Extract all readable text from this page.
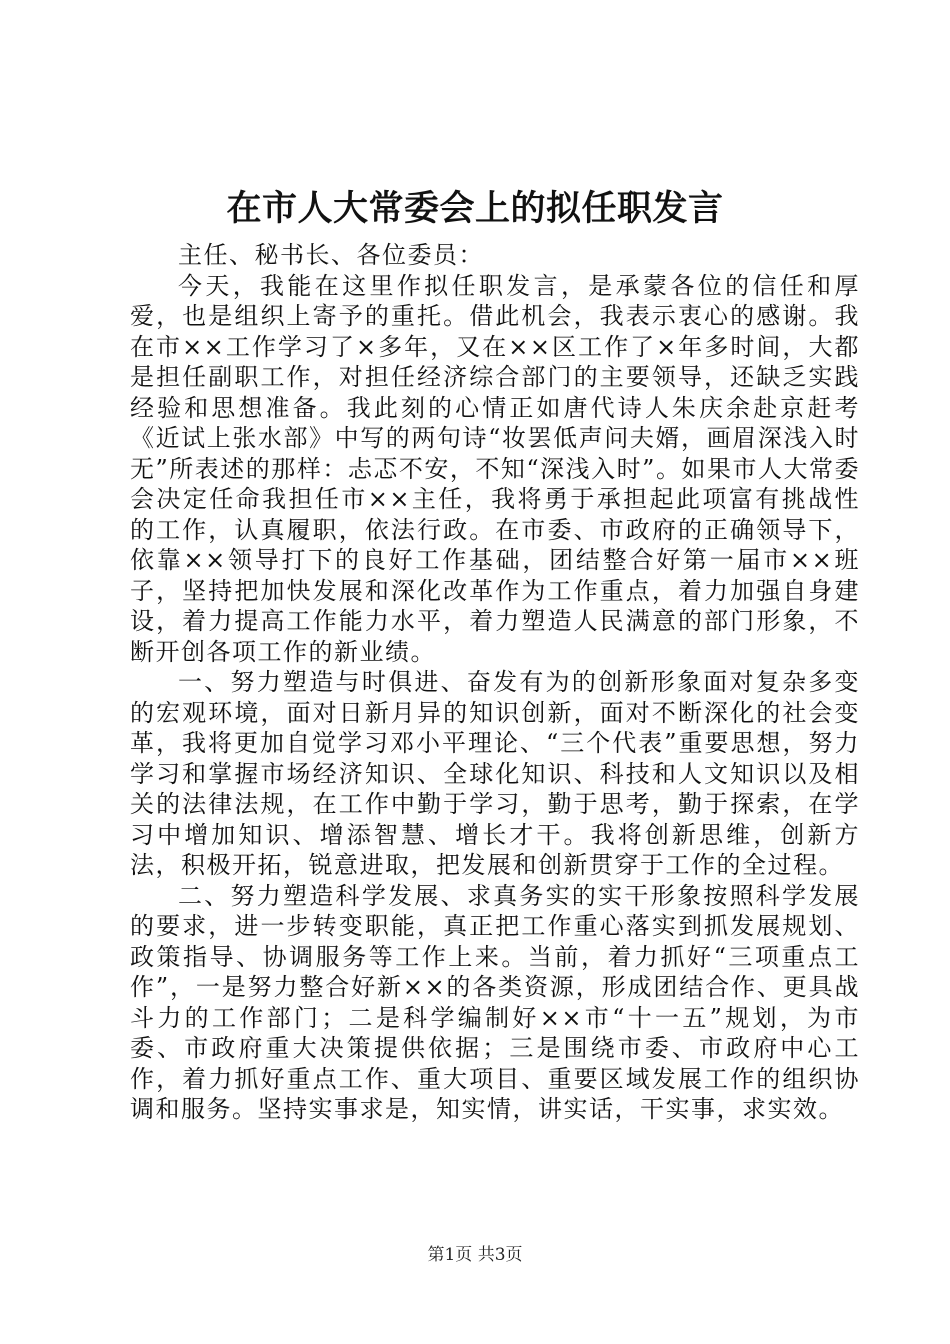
在市人大常委会上的拟任职发言

主任、秘书长、各位委员：

今天，我能在这里作拟任职发言，是承蒙各位的信任和厚爱，也是组织上寄予的重托。借此机会，我表示衷心的感谢。我在市××工作学习了×多年，又在××区工作了×年多时间，大都是担任副职工作，对担任经济综合部门的主要领导，还缺乏实践经验和思想准备。我此刻的心情正如唐代诗人朱庆余赴京赶考《近试上张水部》中写的两句诗“妆罢低声问夫婿，画眉深浅入时无”所表述的那样：忐忑不安，不知“深浅入时”。如果市人大常委会决定任命我担任市××主任，我将勇于承担起此项富有挑战性的工作，认真履职，依法行政。在市委、市政府的正确领导下，依靠××领导打下的良好工作基础，团结整合好第一届市××班子，坚持把加快发展和深化改革作为工作重点，着力加强自身建设，着力提高工作能力水平，着力塑造人民满意的部门形象，不断开创各项工作的新业绩。

一、努力塑造与时俱进、奋发有为的创新形象面对复杂多变的宏观环境，面对日新月异的知识创新，面对不断深化的社会变革，我将更加自觉学习邓小平理论、“三个代表”重要思想，努力学习和掌握市场经济知识、全球化知识、科技和人文知识以及相关的法律法规，在工作中勤于学习，勤于思考，勤于探索，在学习中增加知识、增添智慧、增长才干。我将创新思维，创新方法，积极开拓，锐意进取，把发展和创新贯穿于工作的全过程。

二、努力塑造科学发展、求真务实的实干形象按照科学发展的要求，进一步转变职能，真正把工作重心落实到抓发展规划、政策指导、协调服务等工作上来。当前，着力抓好“三项重点工作”，一是努力整合好新××的各类资源，形成团结合作、更具战斗力的工作部门；二是科学编制好××市“十一五”规划，为市委、市政府重大决策提供依据；三是围绕市委、市政府中心工作，着力抓好重点工作、重大项目、重要区域发展工作的组织协调和服务。坚持实事求是，知实情，讲实话，干实事，求实效。

第1页 共3页
